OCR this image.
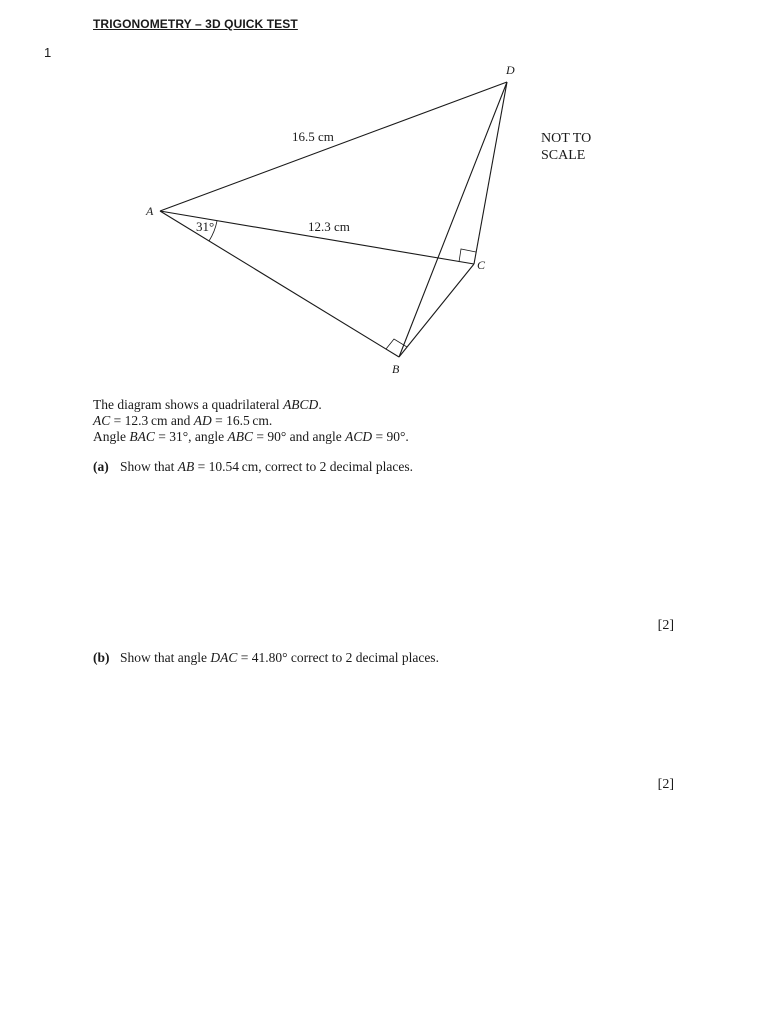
TRIGONOMETRY – 3D QUICK TEST
1
A
B
C
D
16.5 cm
12.3 cm
31°
NOT TO
SCALE
The diagram shows a quadrilateral ABCD.
AC = 12.3 cm and AD = 16.5 cm.
Angle BAC = 31°, angle ABC = 90° and angle ACD = 90°.
(a) Show that AB = 10.54 cm, correct to 2 decimal places.
[2]
(b) Show that angle DAC = 41.80° correct to 2 decimal places.
[2]
